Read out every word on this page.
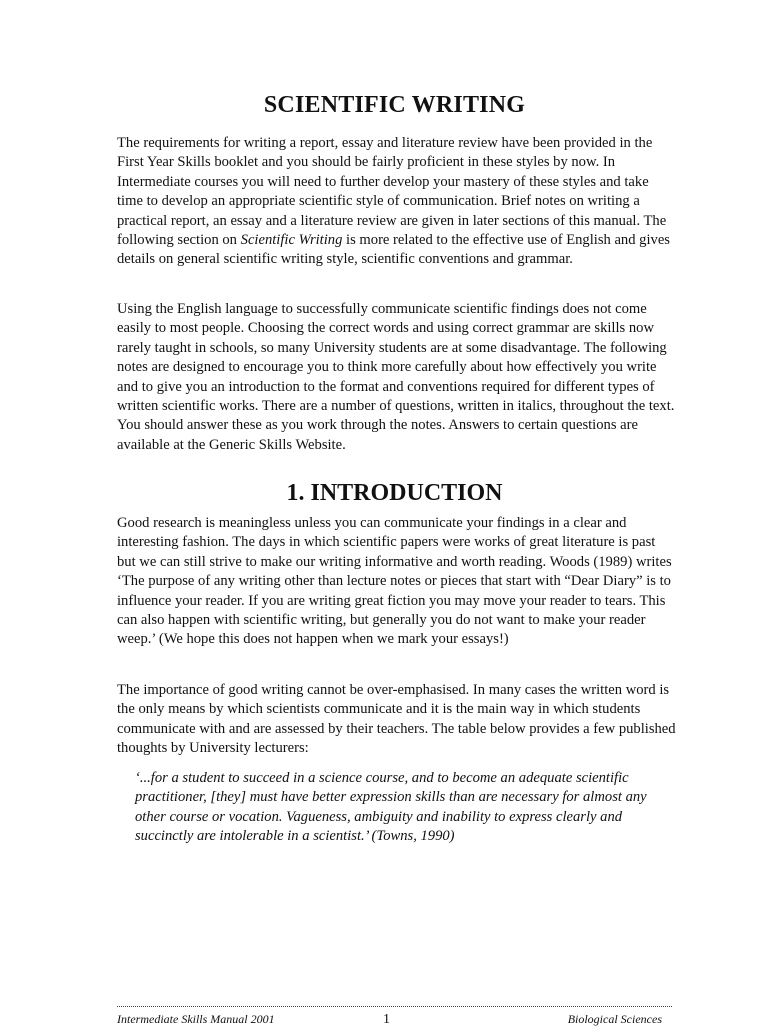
SCIENTIFIC WRITING

The requirements for writing a report, essay and literature review have been provided in the First Year Skills booklet and you should be fairly proficient in these styles by now. In Intermediate courses you will need to further develop your mastery of these styles and take time to develop an appropriate scientific style of communication. Brief notes on writing a practical report, an essay and a literature review are given in later sections of this manual. The following section on Scientific Writing is more related to the effective use of English and gives details on general scientific writing style, scientific conventions and grammar.

Using the English language to successfully communicate scientific findings does not come easily to most people. Choosing the correct words and using correct grammar are skills now rarely taught in schools, so many University students are at some disadvantage. The following notes are designed to encourage you to think more carefully about how effectively you write and to give you an introduction to the format and conventions required for different types of written scientific works. There are a number of questions, written in italics, throughout the text. You should answer these as you work through the notes. Answers to certain questions are available at the Generic Skills Website.

1. INTRODUCTION

Good research is meaningless unless you can communicate your findings in a clear and interesting fashion. The days in which scientific papers were works of great literature is past but we can still strive to make our writing informative and worth reading. Woods (1989) writes ‘The purpose of any writing other than lecture notes or pieces that start with “Dear Diary” is to influence your reader. If you are writing great fiction you may move your reader to tears. This can also happen with scientific writing, but generally you do not want to make your reader weep.’ (We hope this does not happen when we mark your essays!)

The importance of good writing cannot be over-emphasised. In many cases the written word is the only means by which scientists communicate and it is the main way in which students communicate with and are assessed by their teachers. The table below provides a few published thoughts by University lecturers:

‘...for a student to succeed in a science course, and to become an adequate scientific practitioner, [they] must have better expression skills than are necessary for almost any other course or vocation. Vagueness, ambiguity and inability to express clearly and succinctly are intolerable in a scientist.’ (Towns, 1990)

Intermediate Skills Manual 2001	1	Biological Sciences
